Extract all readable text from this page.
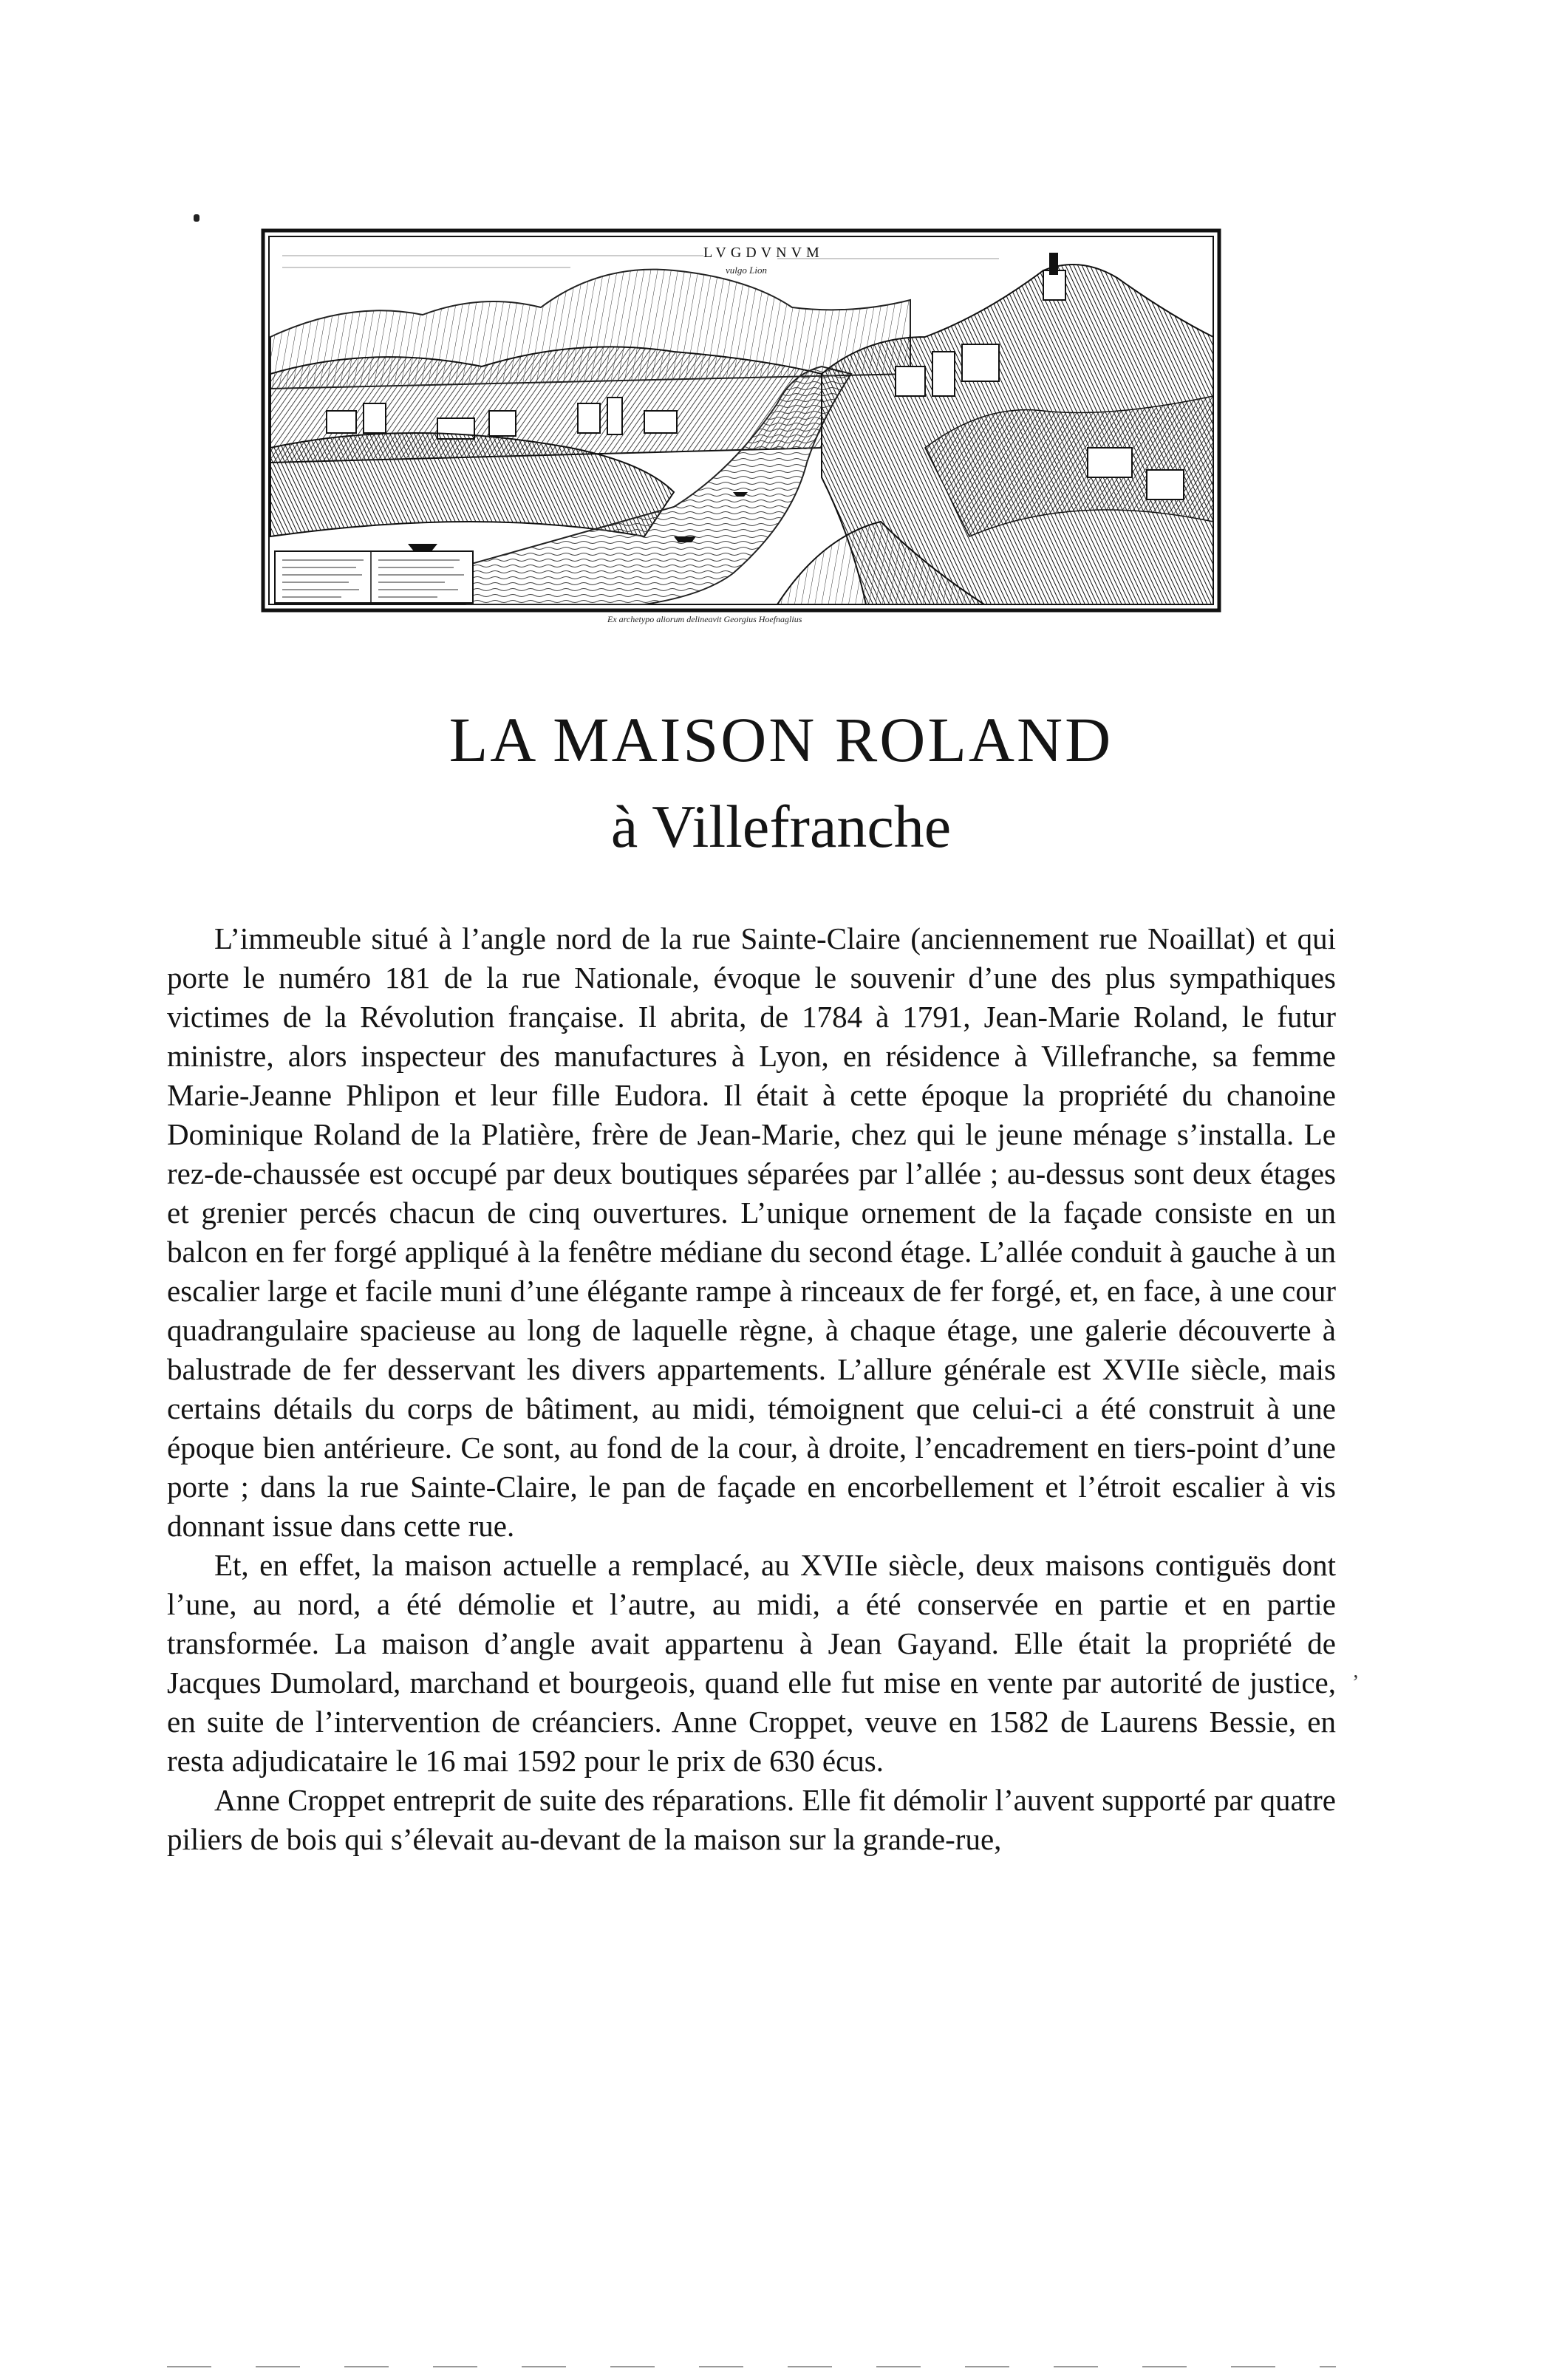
LVGDVNVM
vulgo Lion
Ex archetypo aliorum delineavit Georgius Hoefnaglius
LA MAISON ROLAND
à Villefranche

L’immeuble situé à l’angle nord de la rue Sainte-Claire (anciennement rue Noaillat) et qui porte le numéro 181 de la rue Nationale, évoque le souvenir d’une des plus sympathiques victimes de la Révolution française. Il abrita, de 1784 à 1791, Jean-Marie Roland, le futur ministre, alors inspecteur des manufactures à Lyon, en résidence à Villefranche, sa femme Marie-Jeanne Phlipon et leur fille Eudora. Il était à cette époque la propriété du chanoine Dominique Roland de la Platière, frère de Jean-Marie, chez qui le jeune ménage s’installa. Le rez-de-chaussée est occupé par deux boutiques séparées par l’allée ; au-dessus sont deux étages et grenier percés chacun de cinq ouvertures. L’unique ornement de la façade consiste en un balcon en fer forgé appliqué à la fenêtre médiane du second étage. L’allée conduit à gauche à un escalier large et facile muni d’une élégante rampe à rinceaux de fer forgé, et, en face, à une cour quadrangulaire spacieuse au long de laquelle règne, à chaque étage, une galerie découverte à balustrade de fer desservant les divers appartements. L’allure générale est XVIIe siècle, mais certains détails du corps de bâtiment, au midi, témoignent que celui-ci a été construit à une époque bien antérieure. Ce sont, au fond de la cour, à droite, l’encadrement en tiers-point d’une porte ; dans la rue Sainte-Claire, le pan de façade en encorbellement et l’étroit escalier à vis donnant issue dans cette rue.

Et, en effet, la maison actuelle a remplacé, au XVIIe siècle, deux maisons contiguës dont l’une, au nord, a été démolie et l’autre, au midi, a été conservée en partie et en partie transformée. La maison d’angle avait appartenu à Jean Gayand. Elle était la propriété de Jacques Dumolard, marchand et bourgeois, quand elle fut mise en vente par autorité de justice, en suite de l’intervention de créanciers. Anne Croppet, veuve en 1582 de Laurens Bessie, en resta adjudicataire le 16 mai 1592 pour le prix de 630 écus.

Anne Croppet entreprit de suite des réparations. Elle fit démolir l’auvent supporté par quatre piliers de bois qui s’élevait au-devant de la maison sur la grande-rue,

’
